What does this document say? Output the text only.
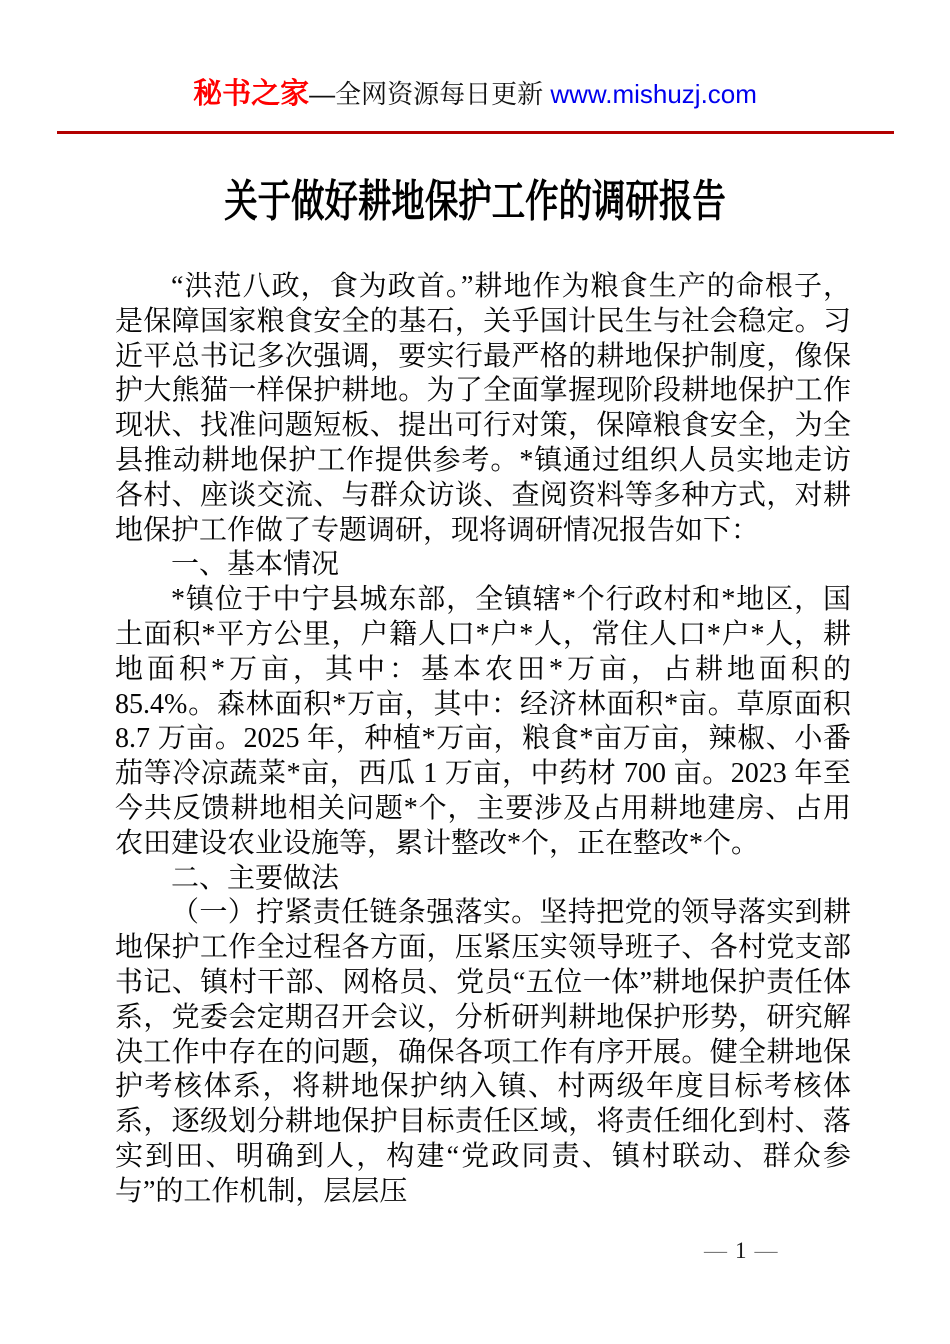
秘书之家—全网资源每日更新 www.mishuzj.com
关于做好耕地保护工作的调研报告

“洪范八政，食为政首。”耕地作为粮食生产的命根子，是保障国家粮食安全的基石，关乎国计民生与社会稳定。习近平总书记多次强调，要实行最严格的耕地保护制度，像保护大熊猫一样保护耕地。为了全面掌握现阶段耕地保护工作现状、找准问题短板、提出可行对策，保障粮食安全，为全县推动耕地保护工作提供参考。*镇通过组织人员实地走访各村、座谈交流、与群众访谈、查阅资料等多种方式，对耕地保护工作做了专题调研，现将调研情况报告如下：

一、基本情况

*镇位于中宁县城东部，全镇辖*个行政村和*地区，国土面积*平方公里，户籍人口*户*人，常住人口*户*人，耕地面积*万亩，其中：基本农田*万亩，占耕地面积的 85.4%。森林面积*万亩，其中：经济林面积*亩。草原面积 8.7 万亩。2025 年，种植*万亩，粮食*亩万亩，辣椒、小番茄等冷凉蔬菜*亩，西瓜 1 万亩，中药材 700 亩。2023 年至今共反馈耕地相关问题*个，主要涉及占用耕地建房、占用农田建设农业设施等，累计整改*个，正在整改*个。

二、主要做法

（一）拧紧责任链条强落实。坚持把党的领导落实到耕地保护工作全过程各方面，压紧压实领导班子、各村党支部书记、镇村干部、网格员、党员“五位一体”耕地保护责任体系，党委会定期召开会议，分析研判耕地保护形势，研究解决工作中存在的问题，确保各项工作有序开展。健全耕地保护考核体系，将耕地保护纳入镇、村两级年度目标考核体系，逐级划分耕地保护目标责任区域，将责任细化到村、落实到田、明确到人，构建“党政同责、镇村联动、群众参与”的工作机制，层层压

— 1 —
